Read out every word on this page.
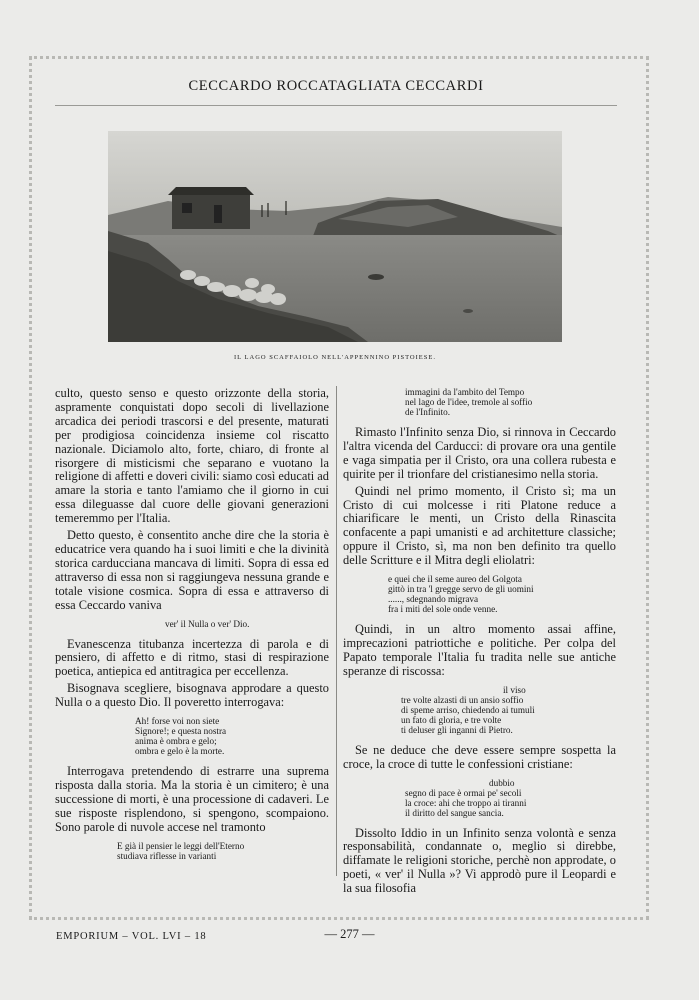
CECCARDO ROCCATAGLIATA CECCARDI
IL LAGO SCAFFAIOLO NELL'APPENNINO PISTOIESE.

culto, questo senso e questo orizzonte della storia, aspramente conquistati dopo secoli di livellazione arcadica dei periodi trascorsi e del presente, maturati per prodigiosa coincidenza insieme col riscatto nazionale. Diciamolo alto, forte, chiaro, di fronte al risorgere di misticismi che separano e vuotano la religione di affetti e doveri civili: siamo così educati ad amare la storia e tanto l'amiamo che il giorno in cui essa dileguasse dal cuore delle giovani generazioni temeremmo per l'Italia.

Detto questo, è consentito anche dire che la storia è educatrice vera quando ha i suoi limiti e che la divinità storica carducciana mancava di limiti. Sopra di essa ed attraverso di essa non si raggiungeva nessuna grande e totale visione cosmica. Sopra di essa e attraverso di essa Ceccardo vaniva

ver' il Nulla o ver' Dio.

Evanescenza titubanza incertezza di parola e di pensiero, di affetto e di ritmo, stasi di respirazione poetica, antiepica ed antitragica per eccellenza.

Bisognava scegliere, bisognava approdare a questo Nulla o a questo Dio. Il poveretto interrogava:

Ah! forse voi non siete
Signore!; e questa nostra
anima è ombra e gelo;
ombra e gelo è la morte.

Interrogava pretendendo di estrarre una suprema risposta dalla storia. Ma la storia è un cimitero; è una successione di morti, è una processione di cadaveri. Le sue risposte risplendono, si spengono, scompaiono. Sono parole di nuvole accese nel tramonto

E già il pensier le leggi dell'Eterno
studiava riflesse in varianti
immagini da l'ambito del Tempo
nel lago de l'idee, tremole al soffio
de l'Infinito.

Rimasto l'Infinito senza Dio, si rinnova in Ceccardo l'altra vicenda del Carducci: di provare ora una gentile e vaga simpatia per il Cristo, ora una collera rubesta e quirite per il trionfare del cristianesimo nella storia.

Quindi nel primo momento, il Cristo sì; ma un Cristo di cui molcesse i riti Platone reduce a chiarificare le menti, un Cristo della Rinascita confacente a papi umanisti e ad architetture classiche; oppure il Cristo, sì, ma non ben definito tra quello delle Scritture e il Mitra degli eliolatri:

e quei che il seme aureo del Golgota
gittò in tra 'l gregge servo de gli uomini
......, sdegnando migrava
fra i miti del sole onde venne.

Quindi, in un altro momento assai affine, imprecazioni patriottiche e politiche. Per colpa del Papato temporale l'Italia fu tradita nelle sue antiche speranze di riscossa:

il viso
tre volte alzasti di un ansio soffio
di speme arriso, chiedendo ai tumuli
un fato di gloria, e tre volte
ti deluser gli inganni di Pietro.

Se ne deduce che deve essere sempre sospetta la croce, la croce di tutte le confessioni cristiane:

dubbio
segno di pace è ormai pe' secoli
la croce: ahi che troppo ai tiranni
il diritto del sangue sancia.

Dissolto Iddio in un Infinito senza volontà e senza responsabilità, condannate o, meglio si direbbe, diffamate le religioni storiche, perchè non approdate, o poeti, « ver' il Nulla »? Vi approdò pure il Leopardi e la sua filosofia

EMPORIUM – VOL. LVI – 18	— 277 —
